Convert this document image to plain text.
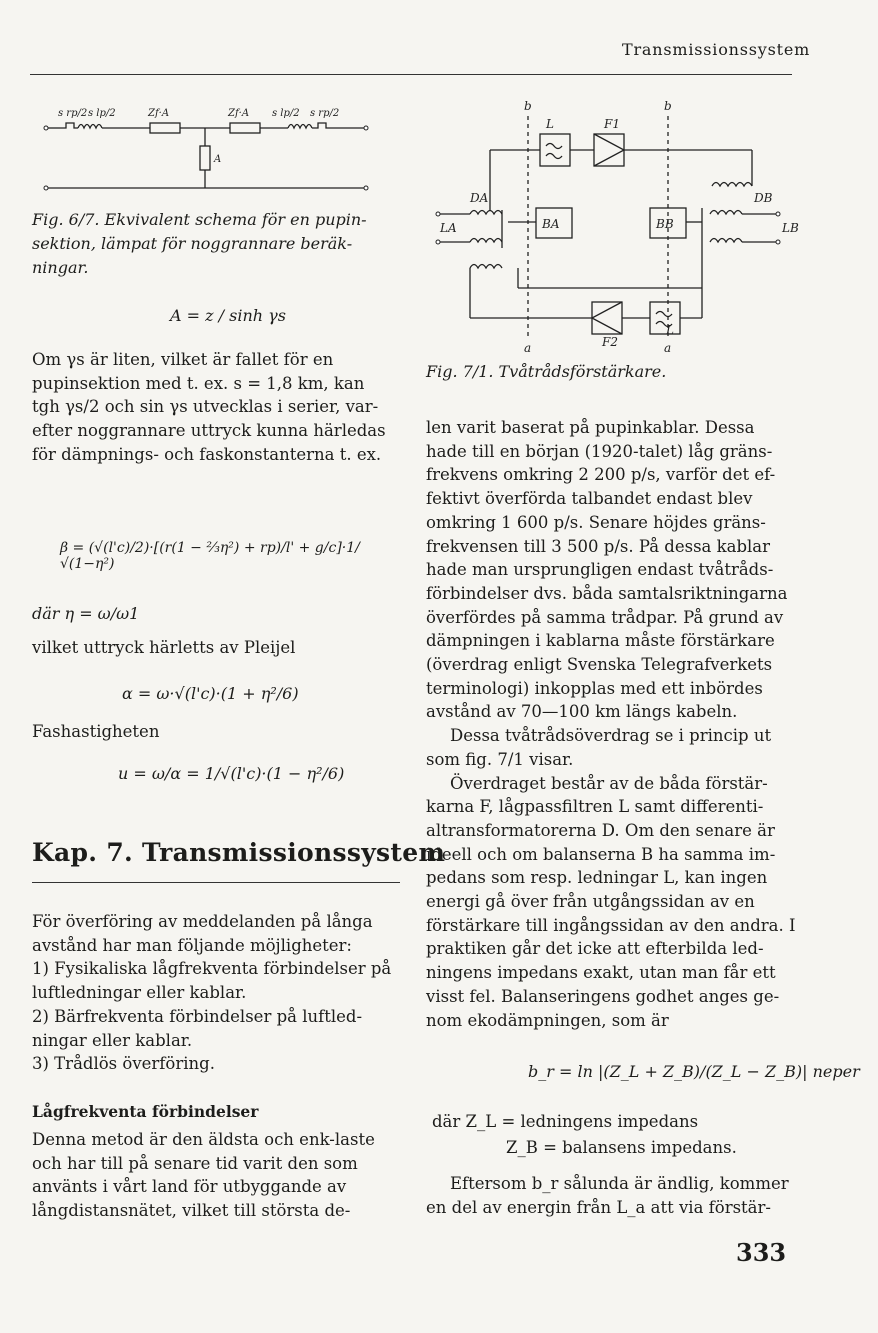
Transmissionssystem
s rp/2 s lp/2	Zf·A	Zf·A s lp/2 s rp/2
A
Fig. 6/7. Ekvivalent schema för en pupin-sektion, lämpat för noggrannare beräk-ningar.
b
L	F1
b
DA
BA
LA	BB
DB
LB
F2
L
a	a
Fig. 7/1. Tvåtrådsförstärkare.
A = z / sinh γs
Om γs är liten, vilket är fallet för en pupinsektion med t. ex. s = 1,8 km, kan tgh γs/2 och sin γs utvecklas i serier, var-efter noggrannare uttryck kunna härledas för dämpnings- och faskonstanterna t. ex.
β = (√(l'c)/2)·[(r(1 − ⅔η²) + rp)/l' + g/c]·1/√(1−η²)
där η = ω/ω1
vilket uttryck härletts av Pleijel
α = ω·√(l'c)·(1 + η²/6)
Fashastigheten
u = ω/α = 1/√(l'c)·(1 − η²/6)
Kap. 7. Transmissionssystem

För överföring av meddelanden på långa avstånd har man följande möjligheter:

1) Fysikaliska lågfrekventa förbindelser på luftledningar eller kablar.

2) Bärfrekventa förbindelser på luftled-ningar eller kablar.

3) Trådlös överföring.

Lågfrekventa förbindelser
Denna metod är den äldsta och enk-laste och har till på senare tid varit den som använts i vårt land för utbyggande av långdistansnätet, vilket till största de-

len varit baserat på pupinkablar. Dessa hade till en början (1920-talet) låg gräns-frekvens omkring 2 200 p/s, varför det ef-fektivt överförda talbandet endast blev omkring 1 600 p/s. Senare höjdes gräns-frekvensen till 3 500 p/s. På dessa kablar hade man ursprungligen endast tvåtråds-förbindelser dvs. båda samtalsriktningarna överfördes på samma trådpar. På grund av dämpningen i kablarna måste förstärkare (överdrag enligt Svenska Telegrafverkets terminologi) inkopplas med ett inbördes avstånd av 70—100 km längs kabeln.

Dessa tvåtrådsöverdrag se i princip ut som fig. 7/1 visar.

Överdraget består av de båda förstär-karna F, lågpassfiltren L samt differenti-altransformatorerna D. Om den senare är ideell och om balanserna B ha samma im-pedans som resp. ledningar L, kan ingen energi gå över från utgångssidan av en förstärkare till ingångssidan av den andra. I praktiken går det icke att efterbilda led-ningens impedans exakt, utan man får ett visst fel. Balanseringens godhet anges ge-nom ekodämpningen, som är

b_r = ln |(Z_L + Z_B)/(Z_L − Z_B)| neper
där Z_L = ledningens impedans
Z_B = balansens impedans.
Eftersom b_r sålunda är ändlig, kommer en del av energin från L_a att via förstär-
333
